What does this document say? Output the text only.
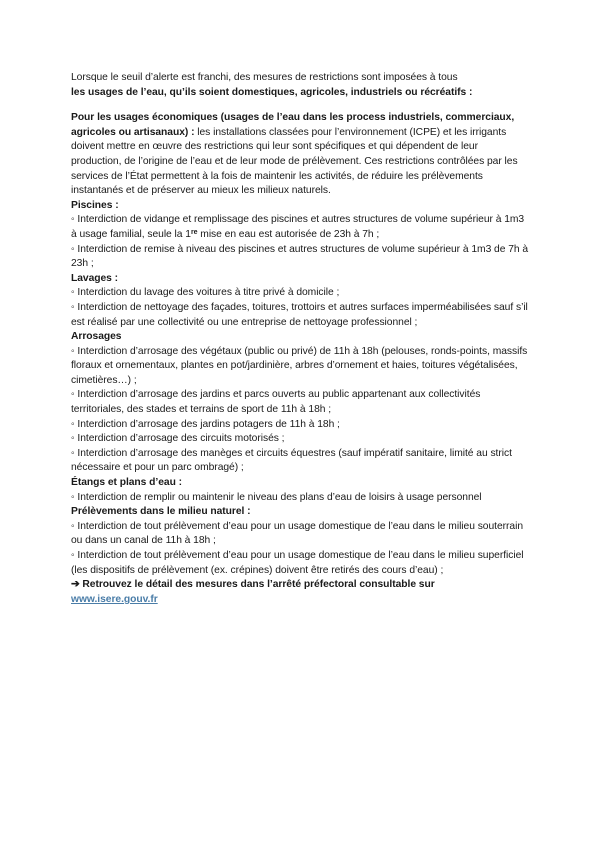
Lorsque le seuil d’alerte est franchi, des mesures de restrictions sont imposées à tous

les usages de l’eau, qu’ils soient domestiques, agricoles, industriels ou récréatifs :

Pour les usages économiques (usages de l’eau dans les process industriels, commerciaux, agricoles ou artisanaux) : les installations classées pour l’environnement (ICPE) et les irrigants doivent mettre en œuvre des restrictions qui leur sont spécifiques et qui dépendent de leur production, de l’origine de l’eau et de leur mode de prélèvement. Ces restrictions contrôlées par les services de l’État permettent à la fois de maintenir les activités, de réduire les prélèvements instantanés et de préserver au mieux les milieux naturels.

Piscines :

◦ Interdiction de vidange et remplissage des piscines et autres structures de volume supérieur à 1m3 à usage familial, seule la 1re mise en eau est autorisée de 23h à 7h ;

◦ Interdiction de remise à niveau des piscines et autres structures de volume supérieur à 1m3 de 7h à 23h ;

Lavages :

◦ Interdiction du lavage des voitures à titre privé à domicile ;

◦ Interdiction de nettoyage des façades, toitures, trottoirs et autres surfaces imperméabilisées sauf s’il est réalisé par une collectivité ou une entreprise de nettoyage professionnel ;

Arrosages

◦ Interdiction d’arrosage des végétaux (public ou privé) de 11h à 18h (pelouses, ronds-points, massifs floraux et ornementaux, plantes en pot/jardinière, arbres d’ornement et haies, toitures végétalisées, cimetières…) ;

◦ Interdiction d’arrosage des jardins et parcs ouverts au public appartenant aux collectivités territoriales, des stades et terrains de sport de 11h à 18h ;

◦ Interdiction d’arrosage des jardins potagers de 11h à 18h ;

◦ Interdiction d’arrosage des circuits motorisés ;

◦ Interdiction d’arrosage des manèges et circuits équestres (sauf impératif sanitaire, limité au strict nécessaire et pour un parc ombragé) ;

Étangs et plans d’eau :

◦ Interdiction de remplir ou maintenir le niveau des plans d’eau de loisirs à usage personnel

Prélèvements dans le milieu naturel :

◦ Interdiction de tout prélèvement d’eau pour un usage domestique de l’eau dans le milieu souterrain ou dans un canal de 11h à 18h ;

◦ Interdiction de tout prélèvement d’eau pour un usage domestique de l’eau dans le milieu superficiel (les dispositifs de prélèvement (ex. crépines) doivent être retirés des cours d’eau) ;

➔ Retrouvez le détail des mesures dans l’arrêté préfectoral consultable sur

www.isere.gouv.fr
